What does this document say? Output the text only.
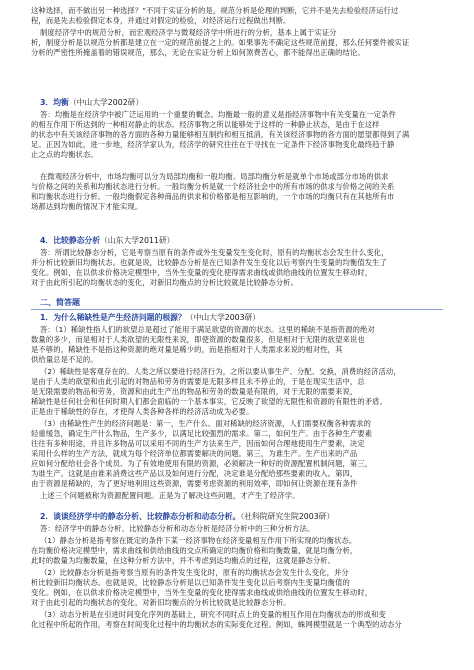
这种选择，而不做出另一种选择？”不同于实证分析的是，规范分析是伦理的判断，它并不是先去检验经济运行过
程，而是先去检验假定本身，并通过对假定的检验，对经济运行过程做出判断。
制度经济学中的规范分析，而宏观经济学与微观经济学中所进行的分析，基本上属于实证分
析，制度分析是以规范分析都是建立在一定的规范前提之上的。如果事先不确定这些规范前提，那么任何要件被实证
分析的严密性所掩盖着的错误规范，那么，无论在实证分析上如何煞费苦心，都不能得出正确的结论。
3．均衡（中山大学2002研）
答：均衡是在经济学中被广泛运用的一个重要的概念。均衡最一般的意义是指经济事物中有关变量在一定条件
的相互作用下所达到的一种相对静止的状态。经济事物之所以能够处于这样的一种静止状态，是由于在这样
的状态中有关该经济事物的各方面的各种力量能够相互制约和相互抵消，有关该经济事物的各方面的愿望都得到了满
足。正因为如此，进一步地，经济学家认为，经济学的研究往往在于寻找在一定条件下经济事物变化最终趋于静
止之点的均衡状态。
在微观经济分析中，市场均衡可以分为局部均衡和一般均衡。局部均衡分析是就单个市场或部分市场的供求
与价格之间的关系和均衡状态进行分析。一般均衡分析是就一个经济社会中的所有市场的供求与价格之间的关系
和均衡状态进行分析。一般均衡假定各种商品的供求和价格都是相互影响的，一个市场的均衡只有在其他所有市
场都达到均衡的情况下才能实现。
4．比较静态分析（山东大学2011研）
答：所谓比较静态分析，它是考察当原有的条件或外生变量发生变化时，原有的均衡状态会发生什么变化，
并分析比较新旧均衡状态。也就是说，比较静态分析是在已知条件发生变化以后考察内生变量的均衡值发生了
变化。例如，在以供求价格决定模型中，当外生变量的变化使得需求曲线或供给曲线的位置发生移动时，
对于由此所引起的均衡状态的变化，对新旧均衡点的分析比较就是比较静态分析。
二、简答题
1．为什么稀缺性是产生经济问题的根源？（中山大学2003研）
答：（1）稀缺性指人们的欲望总是超过了能用于满足欲望的资源的状态。这里的稀缺不是指资源的绝对
数量的多少，而是相对于人类欲望的无限性来说，即使资源的数量很多，但是相对于无限的欲望来说也
是不够的。稀缺性不是指这种资源的绝对量是稀少的，而是指相对于人类需求来说的相对性，其
供给量总是不足的。
（2）稀缺性是客观存在的。人类之所以要进行经济行为，之所以要从事生产、分配、交换、消费的经济活动，
是由于人类的欲望和由此引起的对物品和劳务的需要是无限多样且永不停止的，于是在现实生活中，总
是无限需要的物品和劳务，资源和由此生产出的物品和劳务的数量是有限的，对于无限的需要来说，
稀缺性是任何社会和任何时期人们都会面临的一个基本事实，它反映了欲望的无限性和资源的有限性的矛盾。
正是由于稀缺性的存在，才使得人类各种各样的经济活动成为必要。
（3）由稀缺性产生的经济问题是：第一，生产什么。面对稀缺的经济资源，人们需要权衡各种需求的
轻重缓急，确定生产什么物品，生产多少，以满足比较强烈的需求。第二，如何生产。由于各种生产要素
往往有多种用途，并且许多物品可以采用不同的生产方法来生产，因而如何合理地使用生产要素，决定
采用什么样的生产方法，就成为每个经济单位都需要解决的问题。第三，为谁生产。生产出来的产品
应如何分配给社会各个成员。为了有效地使用有限的资源，必须解决一种好的资源配置机制问题，第三，
为谁生产。这就是由谁来消费这些产品以及如何进行分配，决定谁是分配给那些要素的收入。第四，
由于资源是稀缺的，为了更好地利用这些资源，需要考虑资源的利用效率，即如何让资源在现有条件
上述三个问题被称为资源配置问题。正是为了解决这些问题，才产生了经济学。
2．谈谈经济学中的静态分析、比较静态分析和动态分析。（社科院研究生院2003研）
答：经济学中的静态分析、比较静态分析和动态分析是经济分析中的三种分析方法。
（1）静态分析是指考察在既定的条件下某一经济事物在经济变量相互作用下所实现的均衡状态。
在均衡价格决定模型中，需求曲线和供给曲线的交点所确定的均衡价格和均衡数量，就是均衡分析，
此时的数量为均衡数量，在这种分析方法中，并不考虑到达均衡点的过程，这就是静态分析。
（2）比较静态分析是指考察当原有的条件发生变化时，原有的均衡状态会发生什么变化，并分
析比较新旧均衡状态。也就是说，比较静态分析是以已知条件发生变化以后考察内生变量均衡值的
变化。例如，在以供求价格决定模型中，当外生变量的变化使得需求曲线或供给曲线的位置发生移动时，
对于由此引起的均衡状态的变化，对新旧均衡点的分析比较就是比较静态分析。
（3）动态分析是在引进时间变化序列的基础上，研究不同时点上的变量的相互作用在均衡状态的形成和变
化过程中所起的作用，考察在时间变化过程中的均衡状态的实际变化过程。例如，蛛网模型就是一个典型的动态分
